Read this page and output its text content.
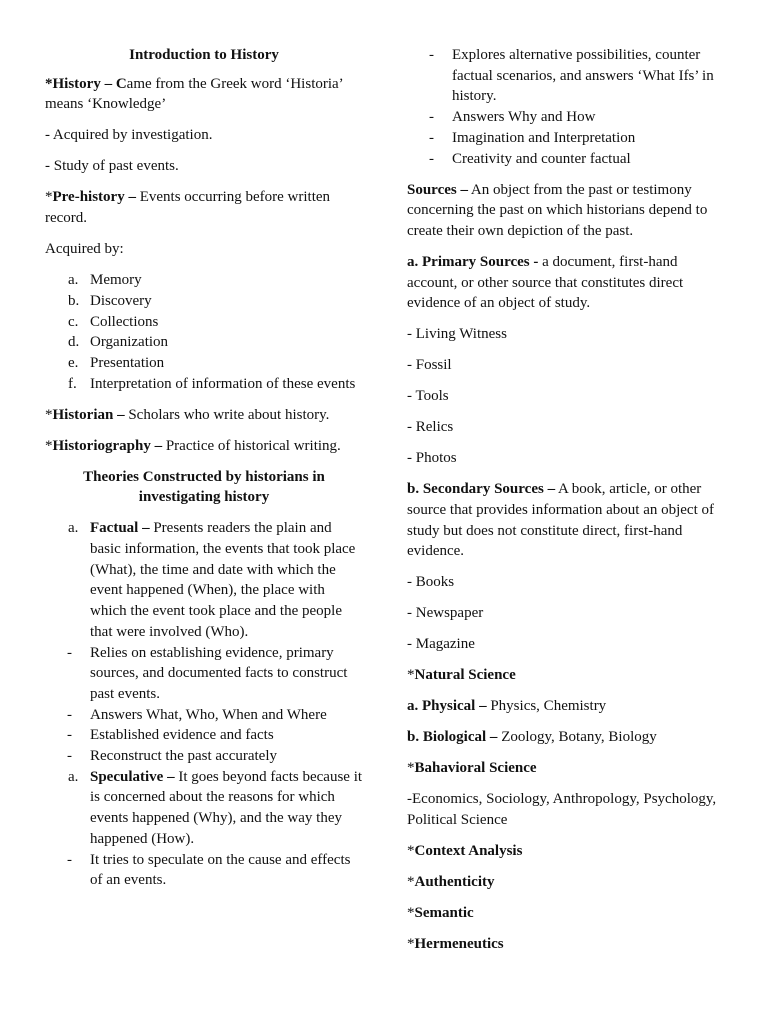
Introduction to History

*History – Came from the Greek word ‘Historia’ means ‘Knowledge’

- Acquired by investigation.

- Study of past events.

*Pre-history – Events occurring before written record.

Acquired by:

a. Memory
b. Discovery
c. Collections
d. Organization
e. Presentation
f. Interpretation of information of these events

*Historian – Scholars who write about history.

*Historiography – Practice of historical writing.

Theories Constructed by historians in investigating history

a. Factual – Presents readers the plain and basic information, the events that took place (What), the time and date with which the event happened (When), the place with which the event took place and the people that were involved (Who).
- Relies on establishing evidence, primary sources, and documented facts to construct past events.
- Answers What, Who, When and Where
- Established evidence and facts
- Reconstruct the past accurately
a. Speculative – It goes beyond facts because it is concerned about the reasons for which events happened (Why), and the way they happened (How).
- It tries to speculate on the cause and effects of an events.
- Explores alternative possibilities, counter factual scenarios, and answers ‘What Ifs’ in history.
- Answers Why and How
- Imagination and Interpretation
- Creativity and counter factual

Sources – An object from the past or testimony concerning the past on which historians depend to create their own depiction of the past.

a. Primary Sources - a document, first-hand account, or other source that constitutes direct evidence of an object of study.

- Living Witness

- Fossil

- Tools

- Relics

- Photos

b. Secondary Sources – A book, article, or other source that provides information about an object of study but does not constitute direct, first-hand evidence.

- Books

- Newspaper

- Magazine

*Natural Science

a. Physical – Physics, Chemistry

b. Biological – Zoology, Botany, Biology

*Bahavioral Science

-Economics, Sociology, Anthropology, Psychology, Political Science

*Context Analysis

*Authenticity

*Semantic

*Hermeneutics
